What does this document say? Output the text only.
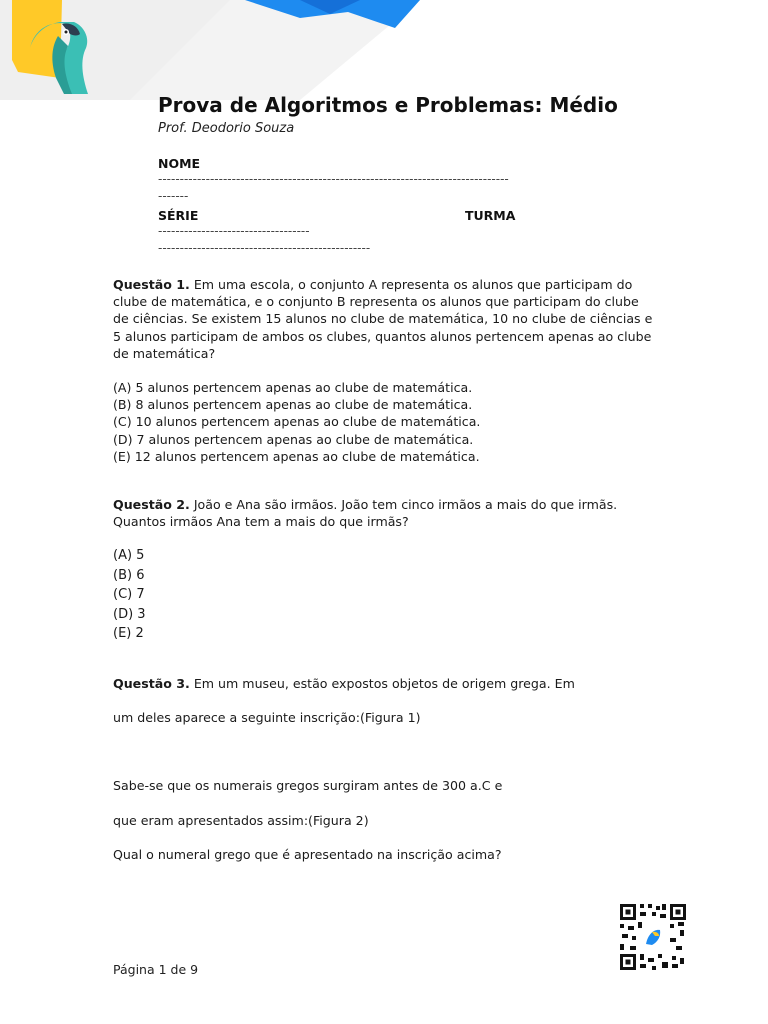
Prova de Algoritmos e Problemas: Médio
Prof. Deodorio Souza
NOME
---------------------------------------------------------------------------------
-------
SÉRIE	TURMA
-----------------------------------
-------------------------------------------------
Questão 1. Em uma escola, o conjunto A representa os alunos que participam do clube de matemática, e o conjunto B representa os alunos que participam do clube de ciências. Se existem 15 alunos no clube de matemática, 10 no clube de ciências e 5 alunos participam de ambos os clubes, quantos alunos pertencem apenas ao clube de matemática?
(A) 5 alunos pertencem apenas ao clube de matemática.
(B) 8 alunos pertencem apenas ao clube de matemática.
(C) 10 alunos pertencem apenas ao clube de matemática.
(D) 7 alunos pertencem apenas ao clube de matemática.
(E) 12 alunos pertencem apenas ao clube de matemática.
Questão 2. João e Ana são irmãos. João tem cinco irmãos a mais do que irmãs. Quantos irmãos Ana tem a mais do que irmãs?
(A) 5
(B) 6
(C) 7
(D) 3
(E) 2
Questão 3. Em um museu, estão expostos objetos de origem grega. Em
um deles aparece a seguinte inscrição:(Figura 1)
Sabe-se que os numerais gregos surgiram antes de 300 a.C e
que eram apresentados assim:(Figura 2)
Qual o numeral grego que é apresentado na inscrição acima?
Página 1 de 9
